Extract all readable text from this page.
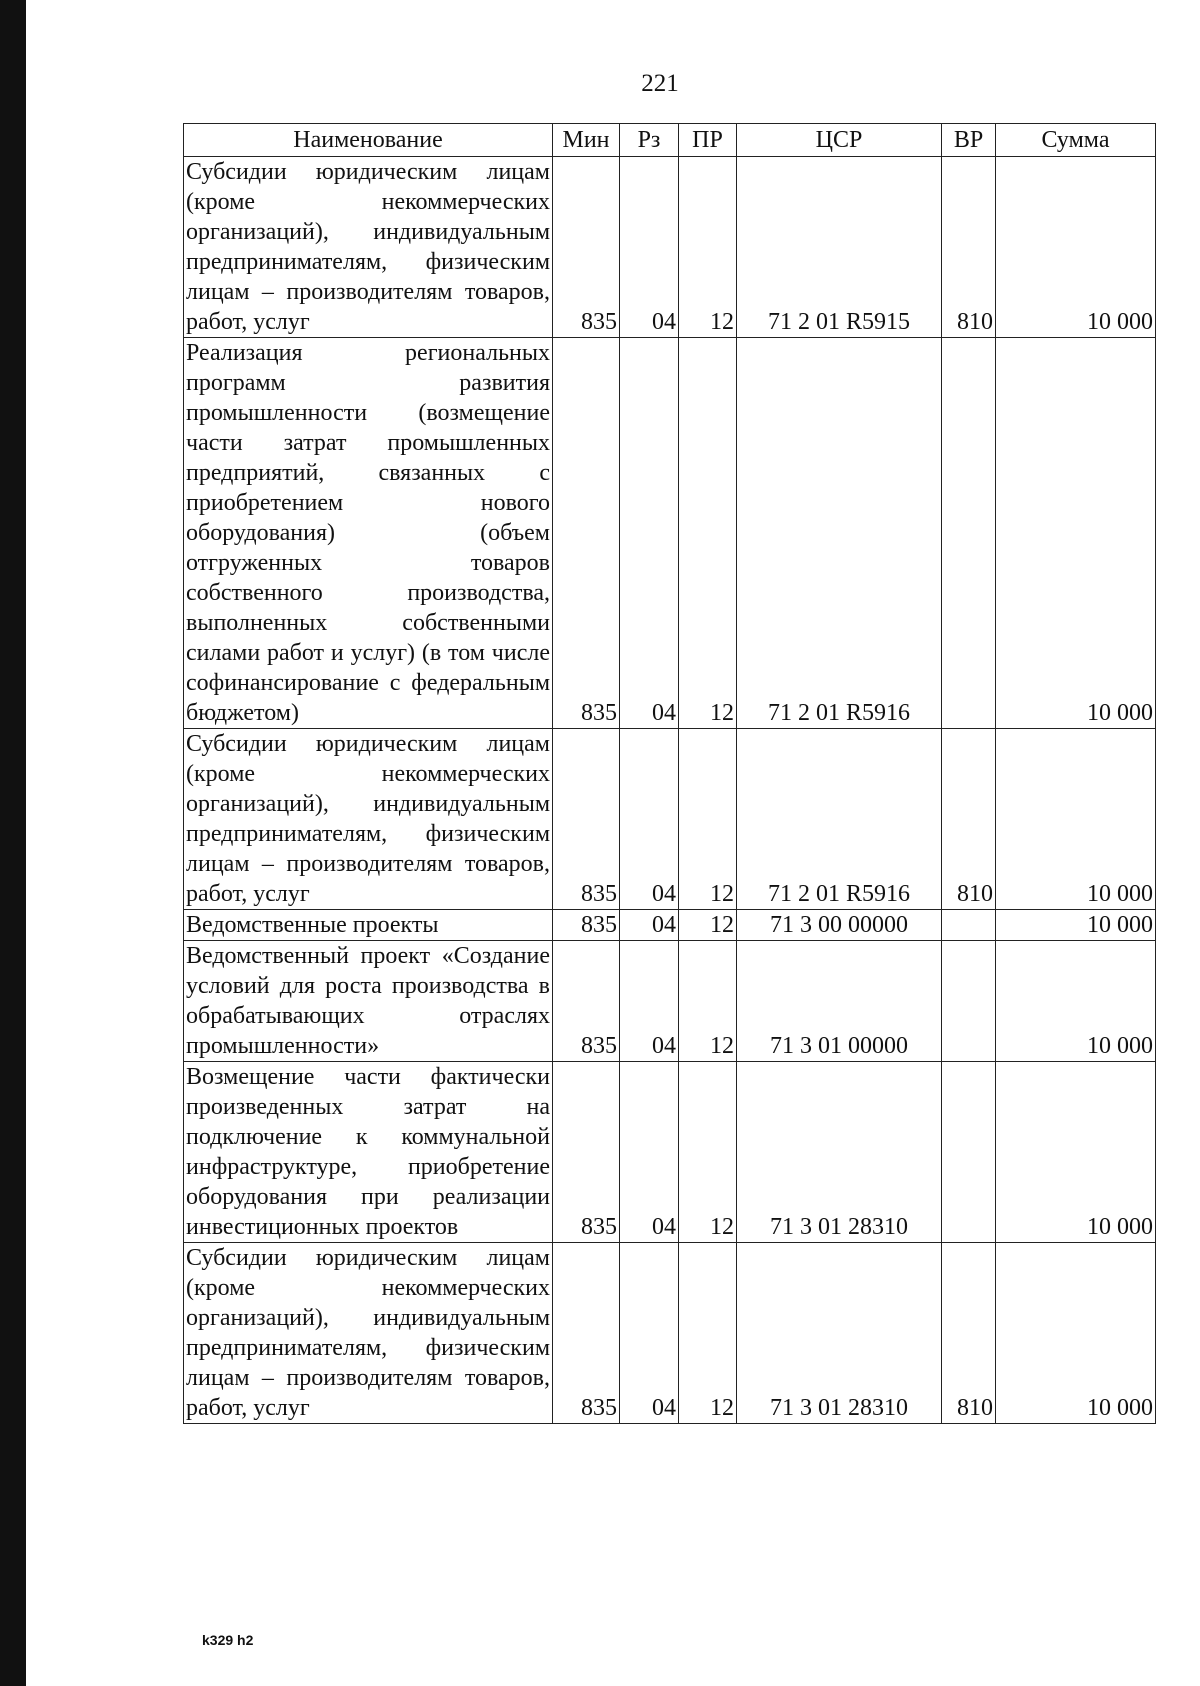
221
Наименование	Мин	Рз	ПР	ЦСР	ВР	Сумма
Субсидии юридическим лицам (кроме некоммерческих организаций), индивидуальным предпринимателям, физическим лицам – производителям товаров, работ, услуг	835	04	12	71 2 01 R5915	810	10 000
Реализация региональных программ развития промышленности (возмещение части затрат промышленных предприятий, связанных с приобретением нового оборудования) (объем отгруженных товаров собственного производства, выполненных собственными силами работ и услуг) (в том числе софинансирование с федеральным бюджетом)	835	04	12	71 2 01 R5916		10 000
Субсидии юридическим лицам (кроме некоммерческих организаций), индивидуальным предпринимателям, физическим лицам – производителям товаров, работ, услуг	835	04	12	71 2 01 R5916	810	10 000
Ведомственные проекты	835	04	12	71 3 00 00000		10 000
Ведомственный проект «Создание условий для роста производства в обрабатывающих отраслях промышленности»	835	04	12	71 3 01 00000		10 000
Возмещение части фактически произведенных затрат на подключение к коммунальной инфраструктуре, приобретение оборудования при реализации инвестиционных проектов	835	04	12	71 3 01 28310		10 000
Субсидии юридическим лицам (кроме некоммерческих организаций), индивидуальным предпринимателям, физическим лицам – производителям товаров, работ, услуг	835	04	12	71 3 01 28310	810	10 000
k329 h2
